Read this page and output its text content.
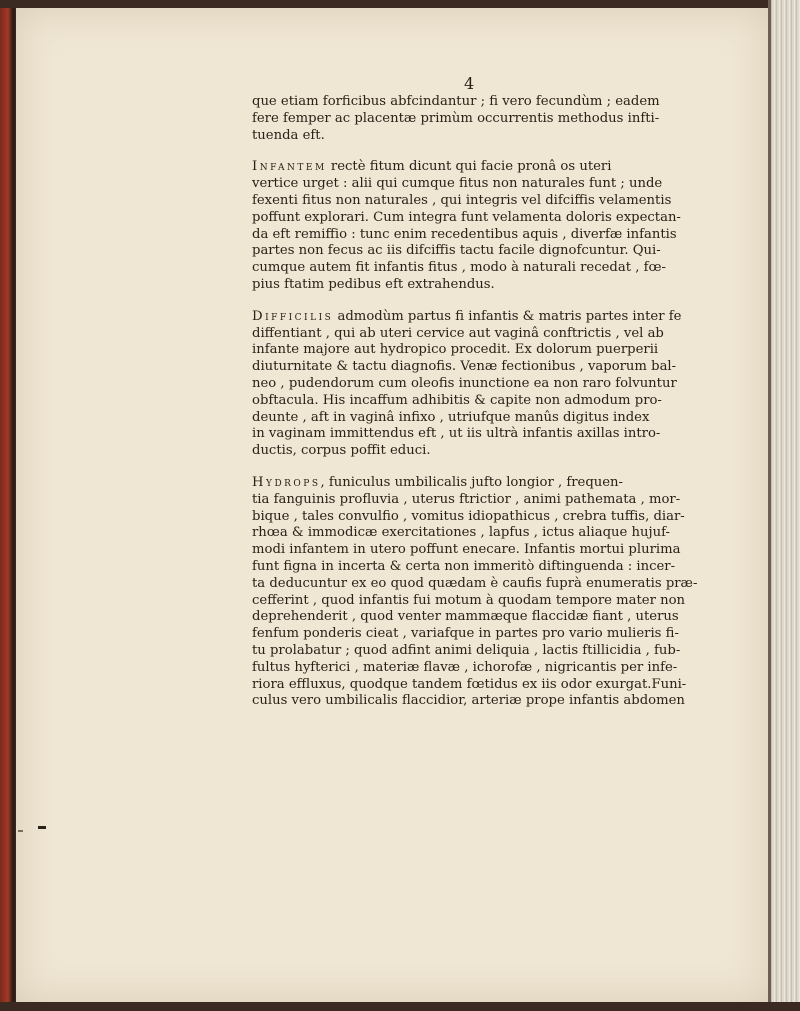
4

que etiam forficibus abfcindantur ; fi vero fecundùm ; eadem

fere femper ac placentæ primùm occurrentis methodus infti-

tuenda eft.

Infantem rectè fitum dicunt qui facie pronâ os uteri

vertice urget : alii qui cumque fitus non naturales funt ; unde

fexenti fitus non naturales , qui integris vel difciffis velamentis

poffunt explorari. Cum integra funt velamenta doloris expectan-

da eft remiffio : tunc enim recedentibus aquis , diverfæ infantis

partes non fecus ac iis difciffis tactu facile dignofcuntur. Qui-

cumque autem fit infantis fitus , modo à naturali recedat , fœ-

pius ftatim pedibus eft extrahendus.

Difficilis admodùm partus fi infantis & matris partes inter fe

diffentiant , qui ab uteri cervice aut vaginâ conftrictis , vel ab

infante majore aut hydropico procedit. Ex dolorum puerperii

diuturnitate & tactu diagnofis. Venæ fectionibus , vaporum bal-

neo , pudendorum cum oleofis inunctione ea non raro folvuntur

obftacula. His incaffum adhibitis & capite non admodum pro-

deunte , aft in vaginâ infixo , utriufque manûs digitus index

in vaginam immittendus eft , ut iis ultrà infantis axillas intro-

ductis, corpus poffit educi.

Hydrops, funiculus umbilicalis jufto longior , frequen-

tia fanguinis profluvia , uterus ftrictior , animi pathemata , mor-

bique , tales convulfio , vomitus idiopathicus , crebra tuffis, diar-

rhœa & immodicæ exercitationes , lapfus , ictus aliaque hujuf-

modi infantem in utero poffunt enecare. Infantis mortui plurima

funt figna in incerta & certa non immeritò diftinguenda : incer-

ta deducuntur ex eo quod quædam è caufis fuprà enumeratis præ-

cefferint , quod infantis fui motum à quodam tempore mater non

deprehenderit , quod venter mammæque flaccidæ fiant , uterus

fenfum ponderis cieat , variafque in partes pro vario mulieris fi-

tu prolabatur ; quod adfint animi deliquia , lactis ftillicidia , fub-

fultus hyfterici , materiæ flavæ , ichorofæ , nigricantis per infe-

riora effluxus, quodque tandem fœtidus ex iis odor exurgat.Funi-

culus vero umbilicalis flaccidior, arteriæ prope infantis abdomen
